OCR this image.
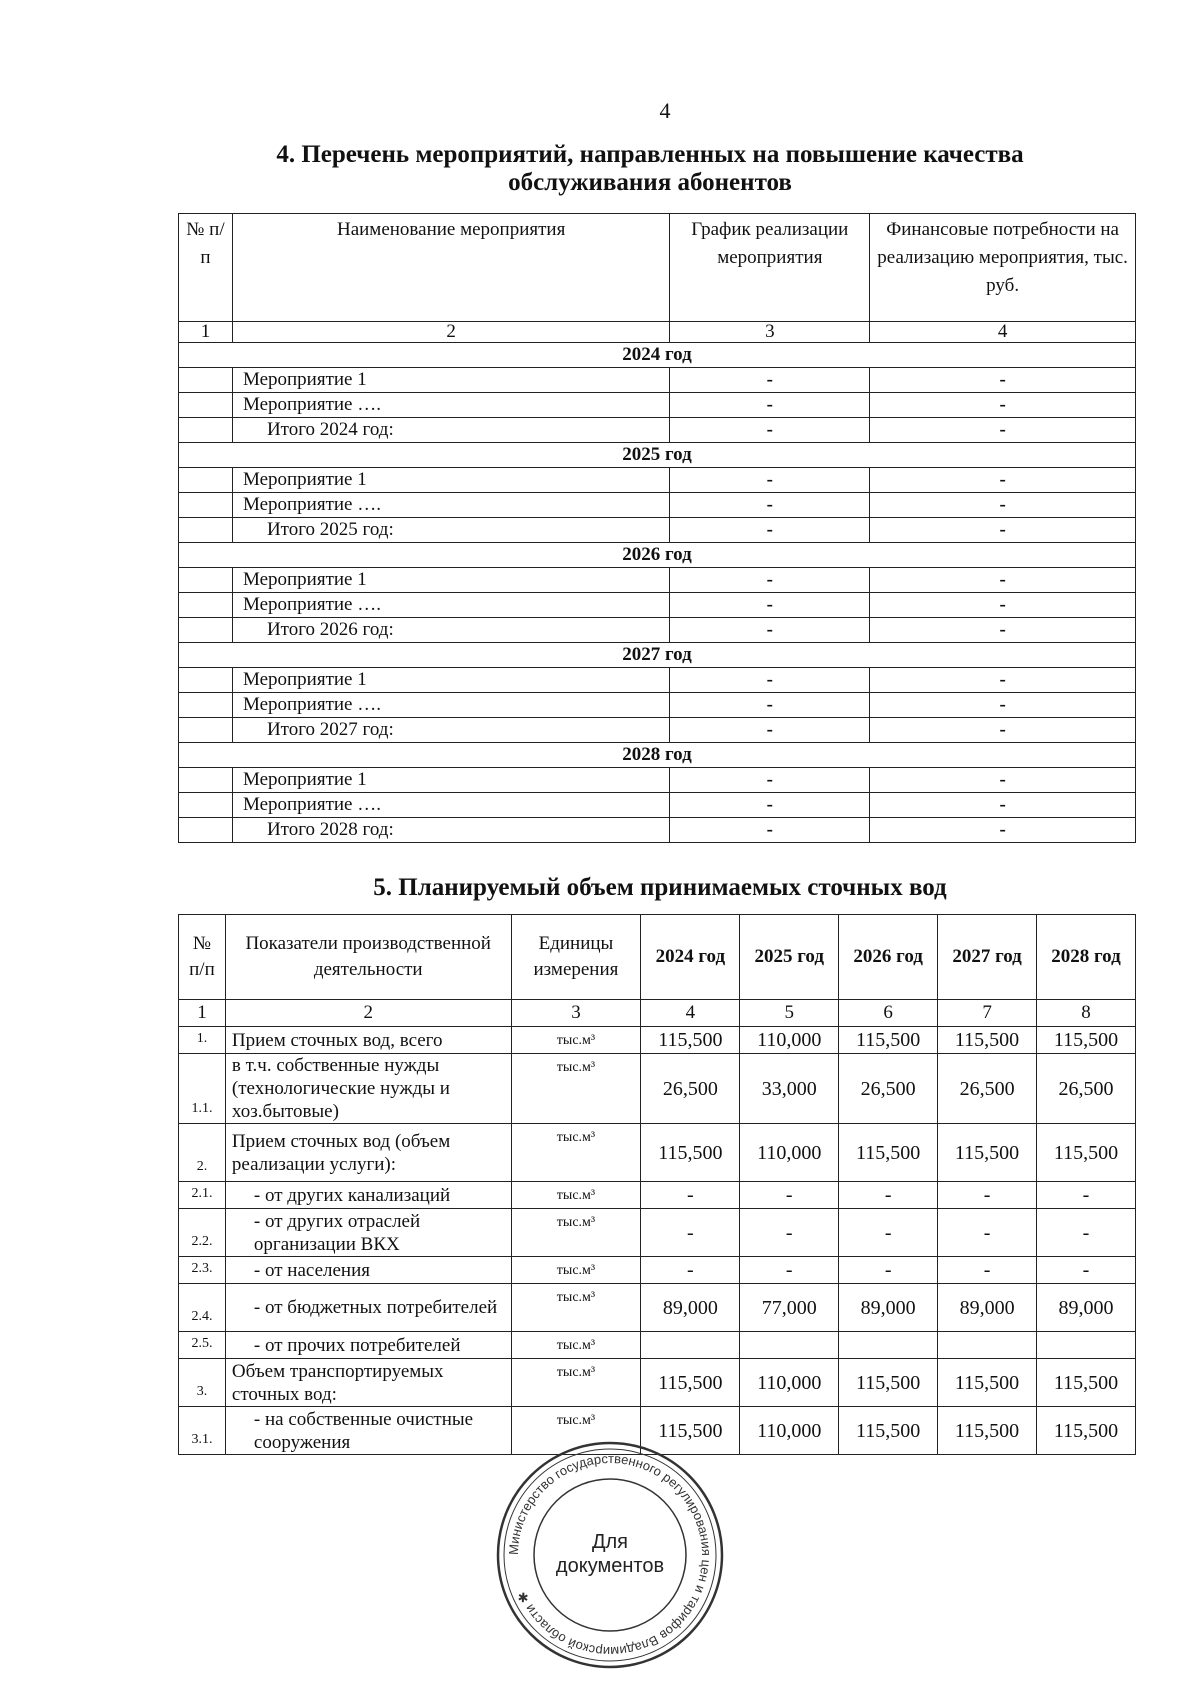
4
4. Перечень мероприятий, направленных на повышение качества
обслуживания абонентов
№ п/п	Наименование мероприятия	График реализации мероприятия	Финансовые потребности на реализацию мероприятия, тыс. руб.
1	2	3	4
2024 год			
	Мероприятие 1	-	-
	Мероприятие ….	-	-
	Итого 2024 год:	-	-
2025 год			
	Мероприятие 1	-	-
	Мероприятие ….	-	-
	Итого 2025 год:	-	-
2026 год			
	Мероприятие 1	-	-
	Мероприятие ….	-	-
	Итого 2026 год:	-	-
2027 год			
	Мероприятие 1	-	-
	Мероприятие ….	-	-
	Итого 2027 год:	-	-
2028 год			
	Мероприятие 1	-	-
	Мероприятие ….	-	-
	Итого 2028 год:	-	-
5. Планируемый объем принимаемых сточных вод
№ п/п	Показатели производственной деятельности	Единицы измерения	2024 год	2025 год	2026 год	2027 год	2028 год
1	2	3	4	5	6	7	8
1.	Прием сточных вод, всего	тыс.м³	115,500	110,000	115,500	115,500	115,500
1.1.	в т.ч. собственные нужды (технологические нужды и хоз.бытовые)	тыс.м³	26,500	33,000	26,500	26,500	26,500
2.	Прием сточных вод (объем реализации услуги):	тыс.м³	115,500	110,000	115,500	115,500	115,500
2.1.	- от других канализаций	тыс.м³	-	-	-	-	-
2.2.	- от других отраслей организации ВКХ	тыс.м³	-	-	-	-	-
2.3.	- от населения	тыс.м³	-	-	-	-	-
2.4.	- от бюджетных потребителей	тыс.м³	89,000	77,000	89,000	89,000	89,000
2.5.	- от прочих потребителей	тыс.м³					
3.	Объем транспортируемых сточных вод:	тыс.м³	115,500	110,000	115,500	115,500	115,500
3.1.	- на собственные очистные сооружения	тыс.м³	115,500	110,000	115,500	115,500	115,500
Министерство государственного регулирования цен и тарифов Владимирской области ✱
Для
документов
